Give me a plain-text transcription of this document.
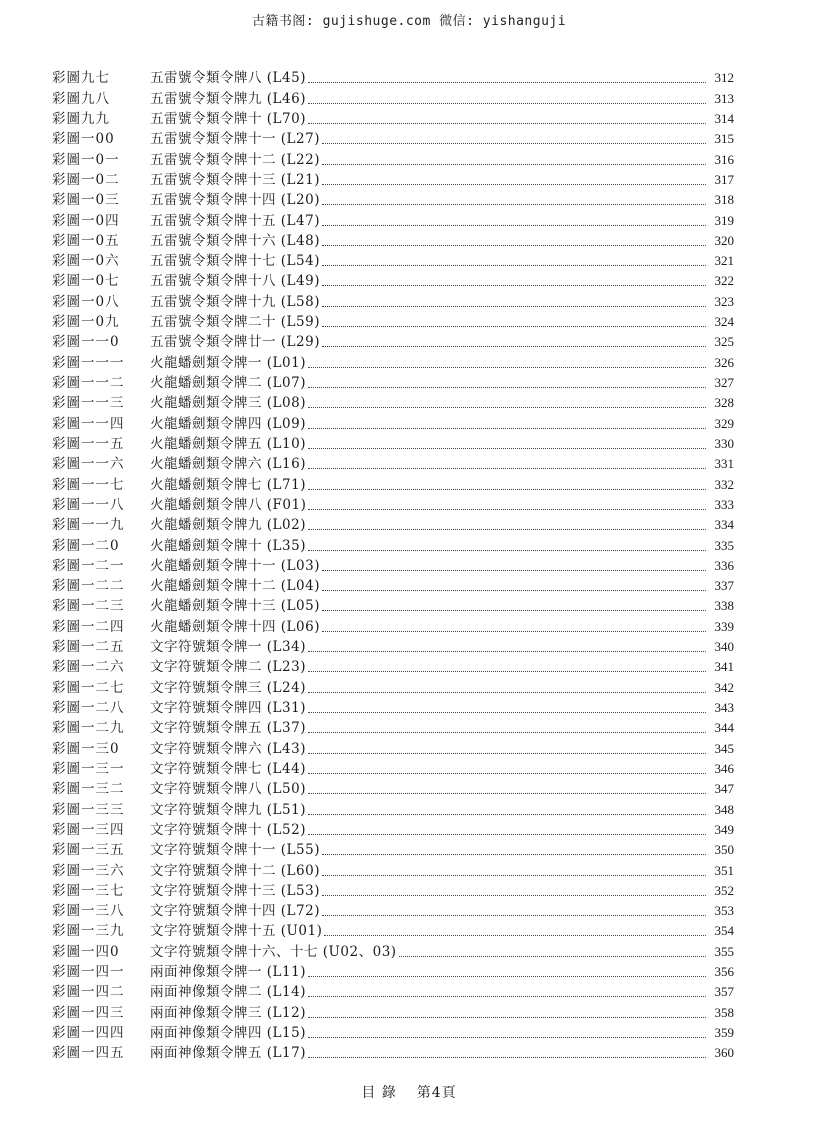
古籍书阁: gujishuge.com 微信: yishanguji
彩圖九七	五雷號令類令牌八 (L45)	312
彩圖九八	五雷號令類令牌九 (L46)	313
彩圖九九	五雷號令類令牌十 (L70)	314
彩圖一00	五雷號令類令牌十一 (L27)	315
彩圖一0一	五雷號令類令牌十二 (L22)	316
彩圖一0二	五雷號令類令牌十三 (L21)	317
彩圖一0三	五雷號令類令牌十四 (L20)	318
彩圖一0四	五雷號令類令牌十五 (L47)	319
彩圖一0五	五雷號令類令牌十六 (L48)	320
彩圖一0六	五雷號令類令牌十七 (L54)	321
彩圖一0七	五雷號令類令牌十八 (L49)	322
彩圖一0八	五雷號令類令牌十九 (L58)	323
彩圖一0九	五雷號令類令牌二十 (L59)	324
彩圖一一0	五雷號令類令牌廿一 (L29)	325
彩圖一一一	火龍蟠劍類令牌一 (L01)	326
彩圖一一二	火龍蟠劍類令牌二 (L07)	327
彩圖一一三	火龍蟠劍類令牌三 (L08)	328
彩圖一一四	火龍蟠劍類令牌四 (L09)	329
彩圖一一五	火龍蟠劍類令牌五 (L10)	330
彩圖一一六	火龍蟠劍類令牌六 (L16)	331
彩圖一一七	火龍蟠劍類令牌七 (L71)	332
彩圖一一八	火龍蟠劍類令牌八 (F01)	333
彩圖一一九	火龍蟠劍類令牌九 (L02)	334
彩圖一二0	火龍蟠劍類令牌十 (L35)	335
彩圖一二一	火龍蟠劍類令牌十一 (L03)	336
彩圖一二二	火龍蟠劍類令牌十二 (L04)	337
彩圖一二三	火龍蟠劍類令牌十三 (L05)	338
彩圖一二四	火龍蟠劍類令牌十四 (L06)	339
彩圖一二五	文字符號類令牌一 (L34)	340
彩圖一二六	文字符號類令牌二 (L23)	341
彩圖一二七	文字符號類令牌三 (L24)	342
彩圖一二八	文字符號類令牌四 (L31)	343
彩圖一二九	文字符號類令牌五 (L37)	344
彩圖一三0	文字符號類令牌六 (L43)	345
彩圖一三一	文字符號類令牌七 (L44)	346
彩圖一三二	文字符號類令牌八 (L50)	347
彩圖一三三	文字符號類令牌九 (L51)	348
彩圖一三四	文字符號類令牌十 (L52)	349
彩圖一三五	文字符號類令牌十一 (L55)	350
彩圖一三六	文字符號類令牌十二 (L60)	351
彩圖一三七	文字符號類令牌十三 (L53)	352
彩圖一三八	文字符號類令牌十四 (L72)	353
彩圖一三九	文字符號類令牌十五 (U01)	354
彩圖一四0	文字符號類令牌十六、十七 (U02、03)	355
彩圖一四一	兩面神像類令牌一 (L11)	356
彩圖一四二	兩面神像類令牌二 (L14)	357
彩圖一四三	兩面神像類令牌三 (L12)	358
彩圖一四四	兩面神像類令牌四 (L15)	359
彩圖一四五	兩面神像類令牌五 (L17)	360
目 錄 第4頁
